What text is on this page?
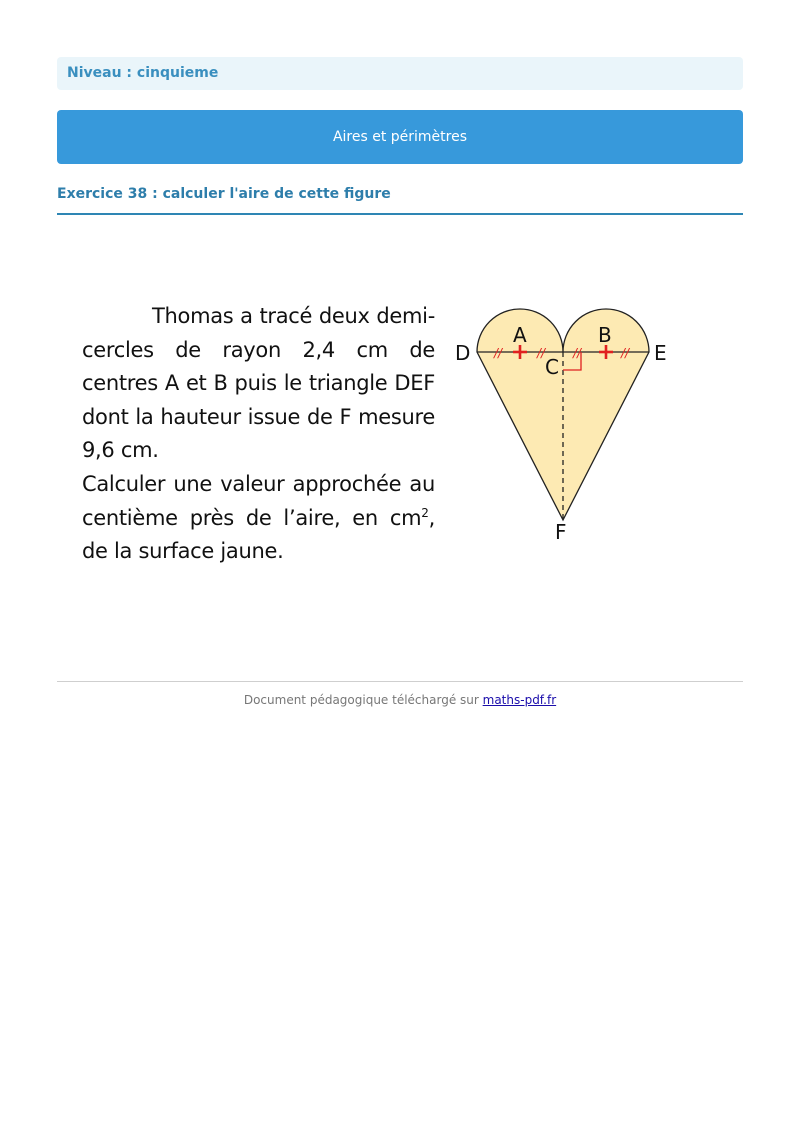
Niveau : cinquieme
Aires et périmètres
Exercice 38 : calculer l'aire de cette figure

Thomas a tracé deux demi-cercles de rayon 2,4 cm de centres A et B puis le triangle DEF dont la hauteur issue de F mesure 9,6 cm.

Calculer une valeur approchée au centième près de l’aire, en $cm^2$, de la surface jaune.

//	// //	//
A	B
C
D	E
F
Document pédagogique téléchargé sur maths-pdf.fr
